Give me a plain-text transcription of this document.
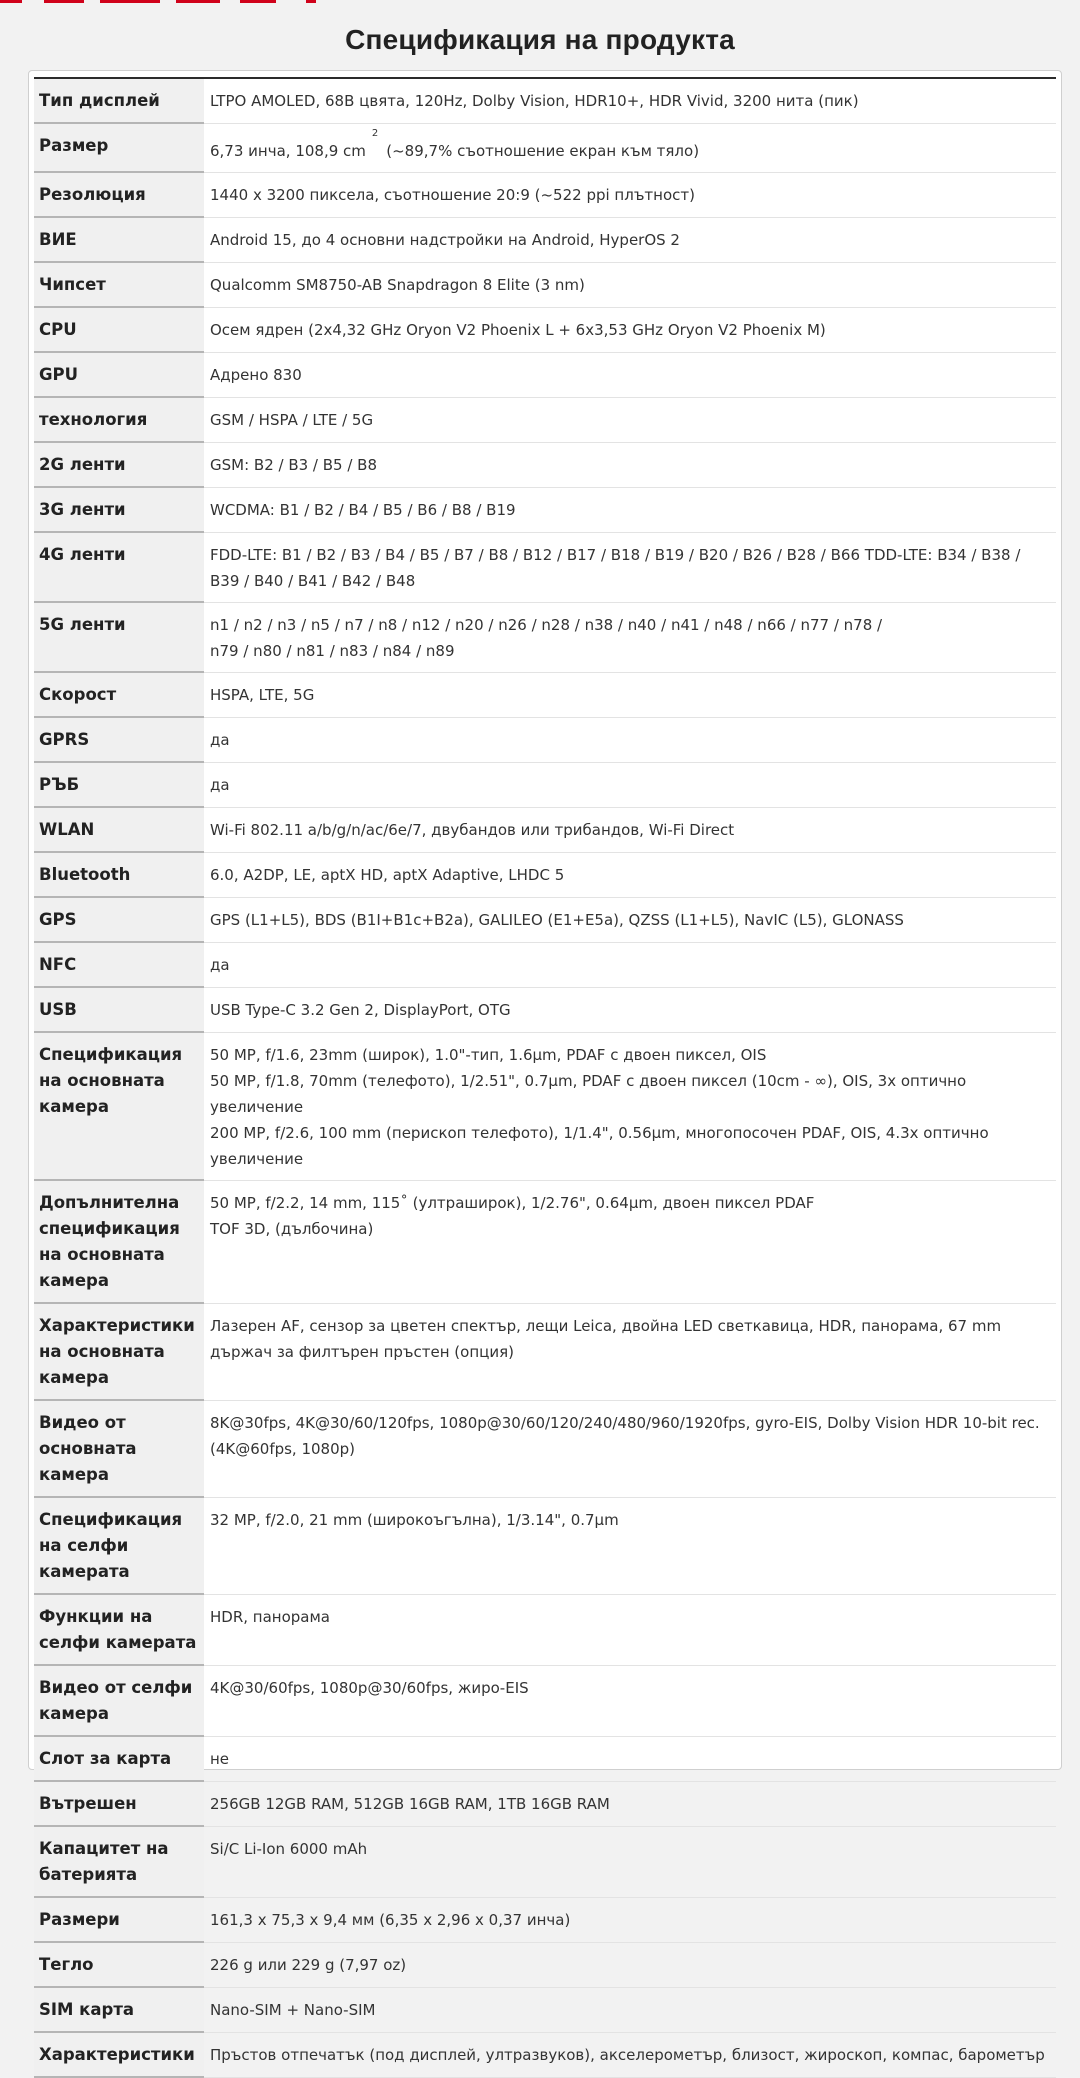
Спецификация на продукта
Тип дисплей	LTPO AMOLED, 68B цвята, 120Hz, Dolby Vision, HDR10+, HDR Vivid, 3200 нита (пик)

Размер	6,73 инча, 108,9 $cm^2(\sim 89,7\%$ съотношение екран към тяло)

Резолюция	1440 x 3200 пиксела, съотношение 20:9 (~522 ppi плътност)

ВИЕ	Android 15, до 4 основни надстройки на Android, HyperOS 2

Чипсет	Qualcomm SM8750-AB Snapdragon 8 Elite (3 nm)

CPU	Осем ядрен (2x4,32 GHz Oryon V2 Phoenix L + 6x3,53 GHz Oryon V2 Phoenix M)

GPU	Адрено 830

технология	GSM / HSPA / LTE / 5G

2G ленти	GSM: B2 / B3 / B5 / B8

3G ленти	WCDMA: B1 / B2 / B4 / B5 / B6 / B8 / B19

4G ленти	FDD-LTE: B1 / B2 / B3 / B4 / B5 / B7 / B8 / B12 / B17 / B18 / B19 / B20 / B26 / B28 / B66 TDD-LTE: B34 / B38 / B39 / B40 / B41 / B42 / B48

5G ленти	n1 / n2 / n3 / n5 / n7 / n8 / n12 / n20 / n26 / n28 / n38 / n40 / n41 / n48 / n66 / n77 / n78 /
n79 / n80 / n81 / n83 / n84 / n89

Скорост	HSPA, LTE, 5G

GPRS	да

РЪБ	да

WLAN	Wi-Fi 802.11 a/b/g/n/ac/6e/7, двубандов или трибандов, Wi-Fi Direct

Bluetooth	6.0, A2DP, LE, aptX HD, aptX Adaptive, LHDC 5

GPS	GPS (L1+L5), BDS (B1I+B1c+B2a), GALILEO (E1+E5a), QZSS (L1+L5), NavIC (L5), GLONASS

NFC	да

USB	USB Type-C 3.2 Gen 2, DisplayPort, OTG

Спецификация на основната камера	50 MP, f/1.6, 23mm (широк), 1.0"-тип, 1.6μm, PDAF с двоен пиксел, OIS
50 MP, f/1.8, 70mm (телефото), 1/2.51", 0.7μm, PDAF с двоен пиксел (10cm - ∞), OIS, 3x оптично увеличение
200 MP, f/2.6, 100 mm (перископ телефото), 1/1.4", 0.56μm, многопосочен PDAF, OIS, 4.3x оптично увеличение

Допълнителна спецификация на основната камера	50 MP, f/2.2, 14 mm, 115˚ (ултраширок), 1/2.76", 0.64μm, двоен пиксел PDAF
TOF 3D, (дълбочина)

Характеристики на основната камера	Лазерен AF, сензор за цветен спектър, лещи Leica, двойна LED светкавица, HDR, панорама, 67 mm държач за филтърен пръстен (опция)

Видео от основната камера	8K@30fps, 4K@30/60/120fps, 1080p@30/60/120/240/480/960/1920fps, gyro-EIS, Dolby Vision HDR 10-bit rec. (4K@60fps, 1080p)

Спецификация на селфи камерата	32 MP, f/2.0, 21 mm (широкоъгълна), 1/3.14", 0.7μm

Функции на селфи камерата	HDR, панорама

Видео от селфи камера	4K@30/60fps, 1080p@30/60fps, жиро-EIS

Слот за карта	не

Вътрешен	256GB 12GB RAM, 512GB 16GB RAM, 1TB 16GB RAM

Капацитет на батерията	Si/C Li-Ion 6000 mAh

Размери	161,3 x 75,3 x 9,4 мм (6,35 x 2,96 x 0,37 инча)

Тегло	226 g или 229 g (7,97 oz)

SIM карта	Nano-SIM + Nano-SIM

Характеристики	Пръстов отпечатък (под дисплей, ултразвуков), акселерометър, близост, жироскоп, компас, барометър
